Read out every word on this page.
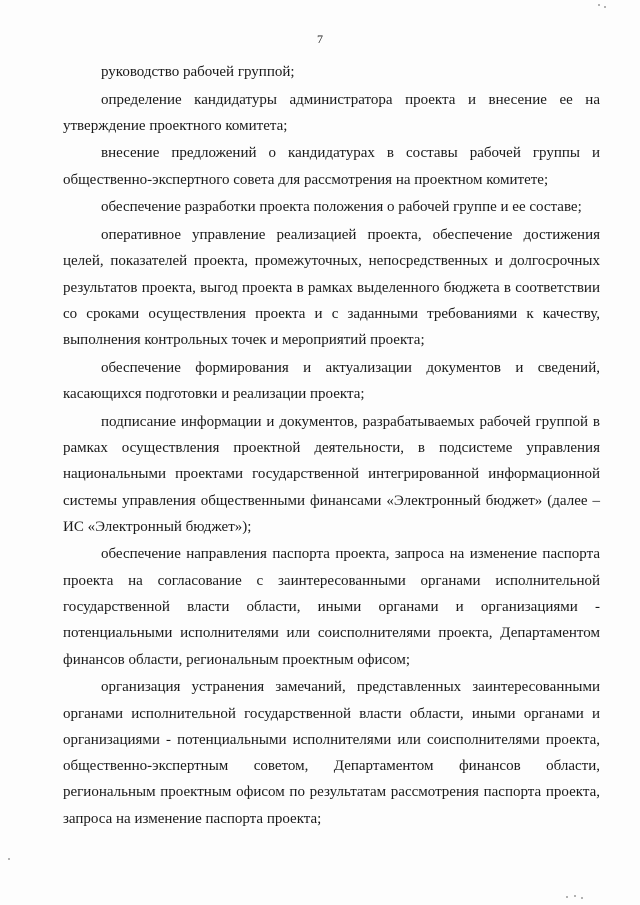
7

руководство рабочей группой;

определение кандидатуры администратора проекта и внесение ее на утверждение проектного комитета;

внесение предложений о кандидатурах в составы рабочей группы и общественно-экспертного совета для рассмотрения на проектном комитете;

обеспечение разработки проекта положения о рабочей группе и ее составе;

оперативное управление реализацией проекта, обеспечение достижения целей, показателей проекта, промежуточных, непосредственных и долгосрочных результатов проекта, выгод проекта в рамках выделенного бюджета в соответствии со сроками осуществления проекта и с заданными требованиями к качеству, выполнения контрольных точек и мероприятий проекта;

обеспечение формирования и актуализации документов и сведений, касающихся подготовки и реализации проекта;

подписание информации и документов, разрабатываемых рабочей группой в рамках осуществления проектной деятельности, в подсистеме управления национальными проектами государственной интегрированной информационной системы управления общественными финансами «Электронный бюджет» (далее – ИС «Электронный бюджет»);

обеспечение направления паспорта проекта, запроса на изменение паспорта проекта на согласование с заинтересованными органами исполнительной государственной власти области, иными органами и организациями - потенциальными исполнителями или соисполнителями проекта, Департаментом финансов области, региональным проектным офисом;

организация устранения замечаний, представленных заинтересованными органами исполнительной государственной власти области, иными органами и организациями - потенциальными исполнителями или соисполнителями проекта, общественно-экспертным советом, Департаментом финансов области, региональным проектным офисом по результатам рассмотрения паспорта проекта, запроса на изменение паспорта проекта;
